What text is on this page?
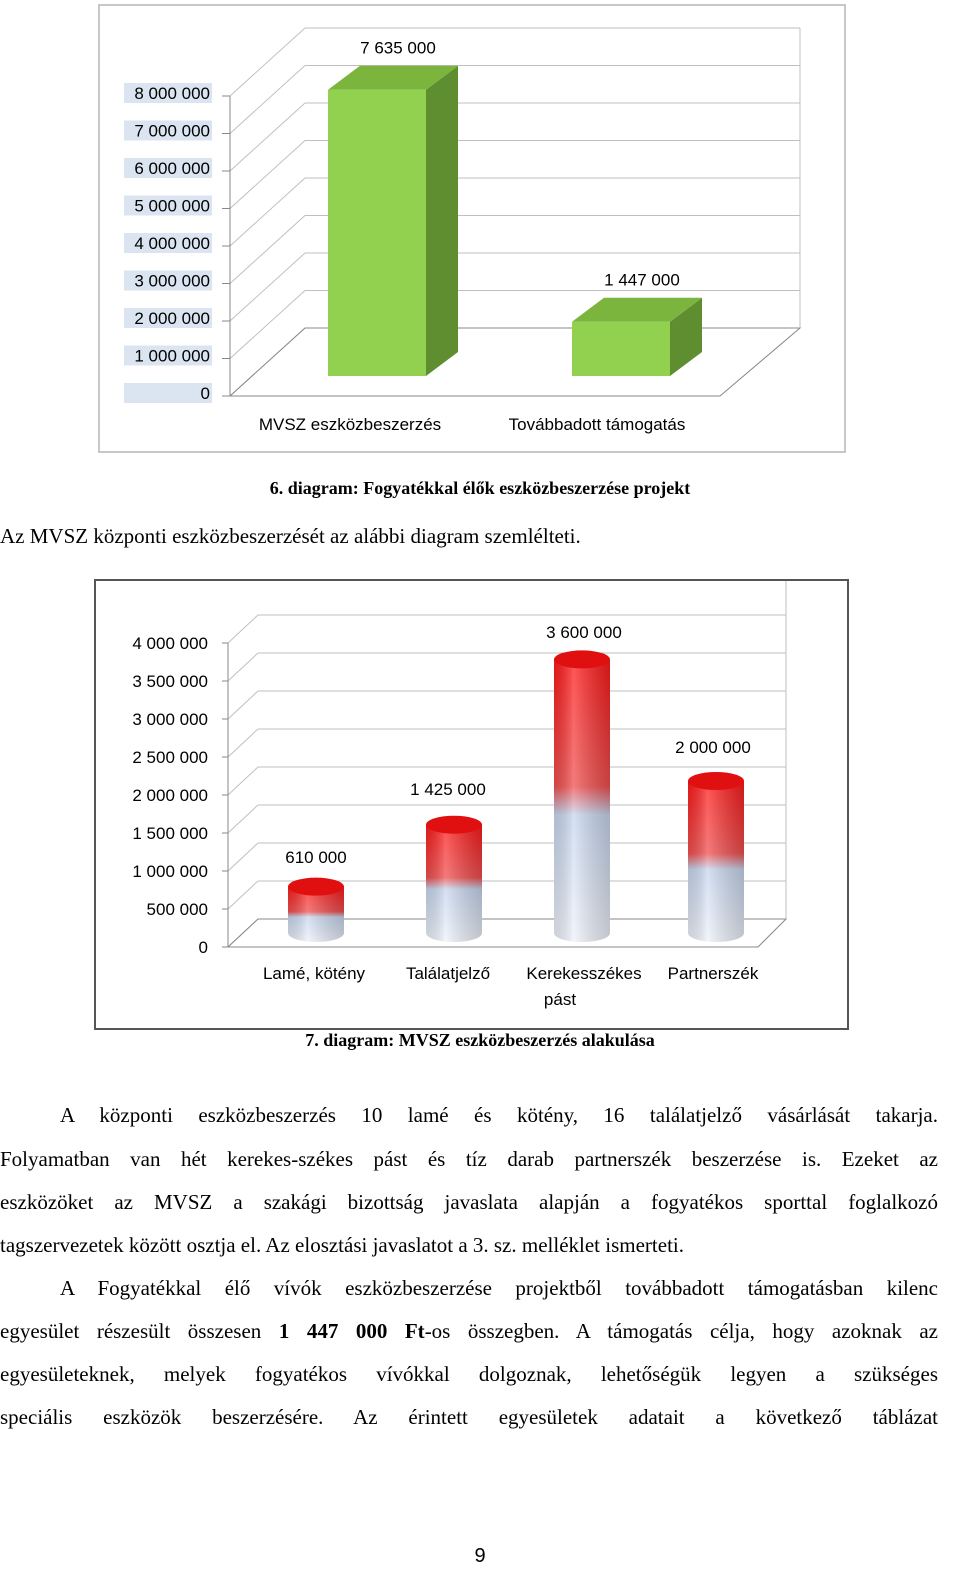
0
1 000 000
2 000 000
3 000 000
4 000 000
5 000 000
6 000 000
7 000 000
8 000 000
7 635 000
MVSZ eszközbeszerzés
1 447 000
Továbbadott támogatás
6. diagram: Fogyatékkal élők eszközbeszerzése projekt
Az MVSZ központi eszközbeszerzését az alábbi diagram szemlélteti.
0
500 000
1 000 000
1 500 000
2 000 000
2 500 000
3 000 000
3 500 000
4 000 000
610 000
Lamé, kötény
1 425 000
Találatjelző
3 600 000
Kerekesszékes
2 000 000
Partnerszék
pást
7. diagram: MVSZ eszközbeszerzés alakulása
A központi eszközbeszerzés 10 lamé és kötény, 16 találatjelző vásárlását takarja.
Folyamatban van hét kerekes-székes pást és tíz darab partnerszék beszerzése is. Ezeket az
eszközöket az MVSZ a szakági bizottság javaslata alapján a fogyatékos sporttal foglalkozó
tagszervezetek között osztja el. Az elosztási javaslatot a 3. sz. melléklet ismerteti.
A Fogyatékkal élő vívók eszközbeszerzése projektből továbbadott támogatásban kilenc
egyesület részesült összesen 1 447 000 Ft-os összegben. A támogatás célja, hogy azoknak az
egyesületeknek, melyek fogyatékos vívókkal dolgoznak, lehetőségük legyen a szükséges
speciális eszközök beszerzésére. Az érintett egyesületek adatait a következő táblázat
9
